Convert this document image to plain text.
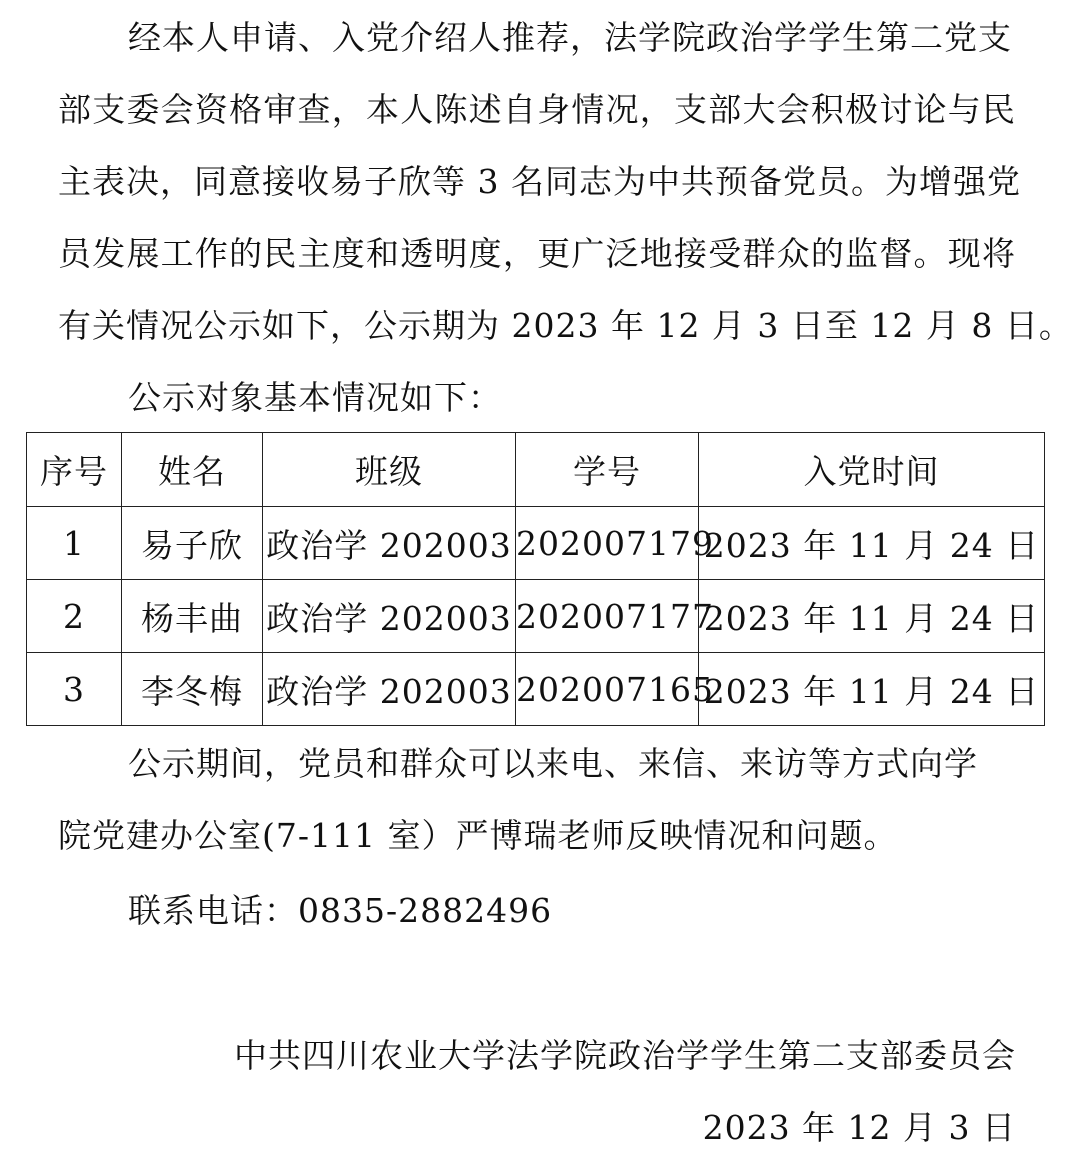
经本人申请、入党介绍人推荐，法学院政治学学生第二党支
部支委会资格审查，本人陈述自身情况，支部大会积极讨论与民
主表决，同意接收易子欣等 3 名同志为中共预备党员。为增强党
员发展工作的民主度和透明度，更广泛地接受群众的监督。现将
有关情况公示如下，公示期为 2023 年 12 月 3 日至 12 月 8 日。
公示对象基本情况如下：
序号	姓名	班级	学号	入党时间
1	易子欣	政治学 202003	202007179	2023 年 11 月 24 日
2	杨丰曲	政治学 202003	202007177	2023 年 11 月 24 日
3	李冬梅	政治学 202003	202007165	2023 年 11 月 24 日
公示期间，党员和群众可以来电、来信、来访等方式向学
院党建办公室(7-111 室）严博瑞老师反映情况和问题。
联系电话：0835-2882496
中共四川农业大学法学院政治学学生第二支部委员会
2023 年 12 月 3 日
